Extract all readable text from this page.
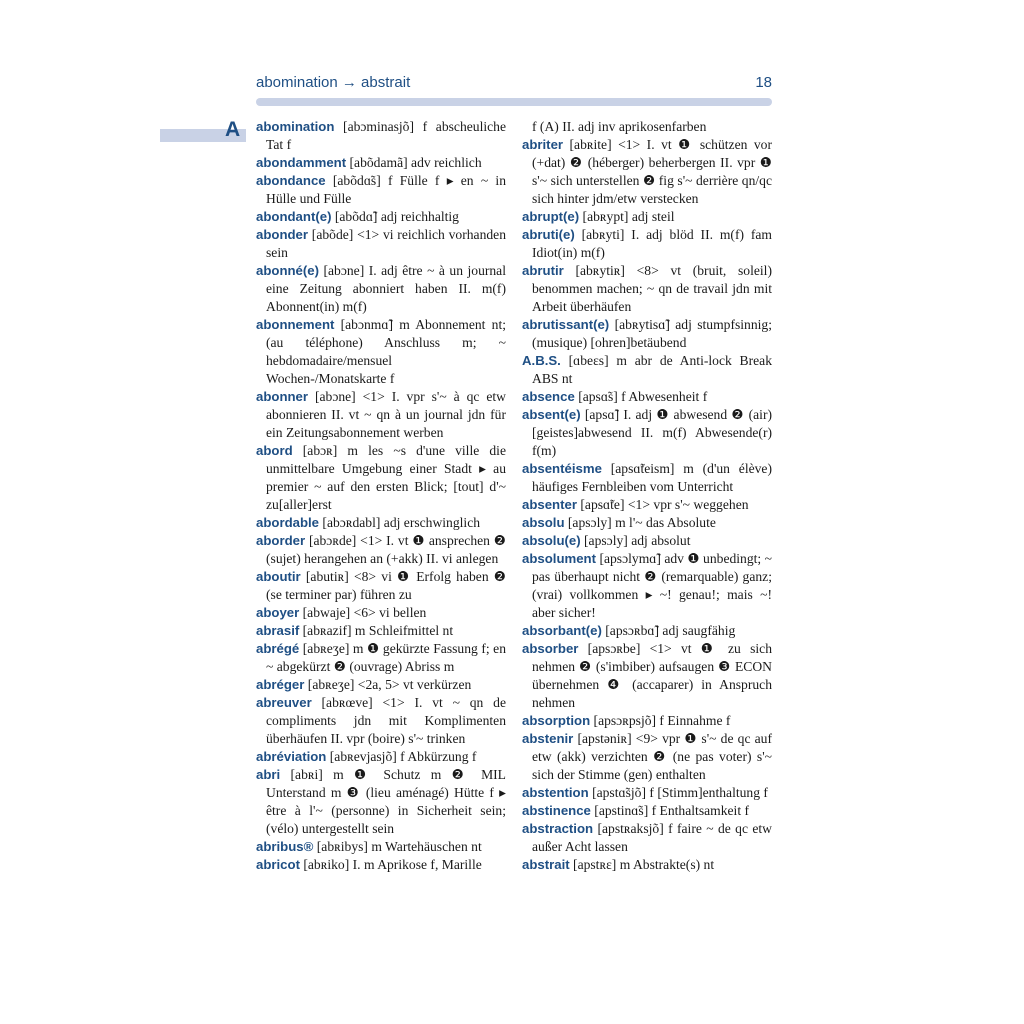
abomination → abstrait	18
A abomination [abɔminasjõ] f abscheuliche Tat f

abondamment [abõdamã] adv reichlich

abondance [abõdɑ̃s] f Fülle f ▸ en ~ in Hülle und Fülle

abondant(e) [abõdɑ̃] adj reichhaltig

abonder [abõde] <1> vi reichlich vorhanden sein

abonné(e) [abɔne] I. adj être ~ à un journal eine Zeitung abonniert haben II. m(f) Abonnent(in) m(f)

abonnement [abɔnmɑ̃] m Abonnement nt; (au téléphone) Anschluss m; ~ hebdomadaire/mensuel Wochen-/Monatskarte f

abonner [abɔne] <1> I. vpr s'~ à qc etw abonnieren II. vt ~ qn à un journal jdn für ein Zeitungsabonnement werben

abord [abɔʀ] m les ~s d'une ville die unmittelbare Umgebung einer Stadt ▸ au premier ~ auf den ersten Blick; [tout] d'~ zu[aller]erst

abordable [abɔʀdabl] adj erschwinglich

aborder [abɔʀde] <1> I. vt ❶ ansprechen ❷ (sujet) herangehen an (+akk) II. vi anlegen

aboutir [abutiʀ] <8> vi ❶ Erfolg haben ❷ (se terminer par) führen zu

aboyer [abwaje] <6> vi bellen

abrasif [abʀazif] m Schleifmittel nt

abrégé [abʀeʒe] m ❶ gekürzte Fassung f; en ~ abgekürzt ❷ (ouvrage) Abriss m

abréger [abʀeʒe] <2a, 5> vt verkürzen

abreuver [abʀœve] <1> I. vt ~ qn de compliments jdn mit Komplimenten überhäufen II. vpr (boire) s'~ trinken

abréviation [abʀevjasjõ] f Abkürzung f

abri [abʀi] m ❶ Schutz m ❷ MIL Unterstand m ❸ (lieu aménagé) Hütte f ▸ être à l'~ (personne) in Sicherheit sein; (vélo) untergestellt sein

abribus® [abʀibys] m Wartehäuschen nt

abricot [abʀiko] I. m Aprikose f, Marille

f (A) II. adj inv aprikosenfarben

abriter [abʀite] <1> I. vt ❶ schützen vor (+dat) ❷ (héberger) beherbergen II. vpr ❶ s'~ sich unterstellen ❷ fig s'~ derrière qn/qc sich hinter jdm/etw verstecken

abrupt(e) [abʀypt] adj steil

abruti(e) [abʀyti] I. adj blöd II. m(f) fam Idiot(in) m(f)

abrutir [abʀytiʀ] <8> vt (bruit, soleil) benommen machen; ~ qn de travail jdn mit Arbeit überhäufen

abrutissant(e) [abʀytisɑ̃] adj stumpfsinnig; (musique) [ohren]betäubend

A.B.S. [ɑbeɛs] m abr de Anti-lock Break ABS nt

absence [apsɑ̃s] f Abwesenheit f

absent(e) [apsɑ̃] I. adj ❶ abwesend ❷ (air) [geistes]abwesend II. m(f) Abwesende(r) f(m)

absentéisme [apsɑ̃teism] m (d'un élève) häufiges Fernbleiben vom Unterricht

absenter [apsɑ̃te] <1> vpr s'~ weggehen

absolu [apsɔly] m l'~ das Absolute

absolu(e) [apsɔly] adj absolut

absolument [apsɔlymɑ̃] adv ❶ unbedingt; ~ pas überhaupt nicht ❷ (remarquable) ganz; (vrai) vollkommen ▸ ~! genau!; mais ~! aber sicher!

absorbant(e) [apsɔʀbɑ̃] adj saugfähig

absorber [apsɔʀbe] <1> vt ❶ zu sich nehmen ❷ (s'imbiber) aufsaugen ❸ ECON übernehmen ❹ (accaparer) in Anspruch nehmen

absorption [apsɔʀpsjõ] f Einnahme f

abstenir [apstəniʀ] <9> vpr ❶ s'~ de qc auf etw (akk) verzichten ❷ (ne pas voter) s'~ sich der Stimme (gen) enthalten

abstention [apstɑ̃sjõ] f [Stimm]enthaltung f

abstinence [apstinɑ̃s] f Enthaltsamkeit f

abstraction [apstʀaksjõ] f faire ~ de qc etw außer Acht lassen

abstrait [apstʀɛ] m Abstrakte(s) nt
